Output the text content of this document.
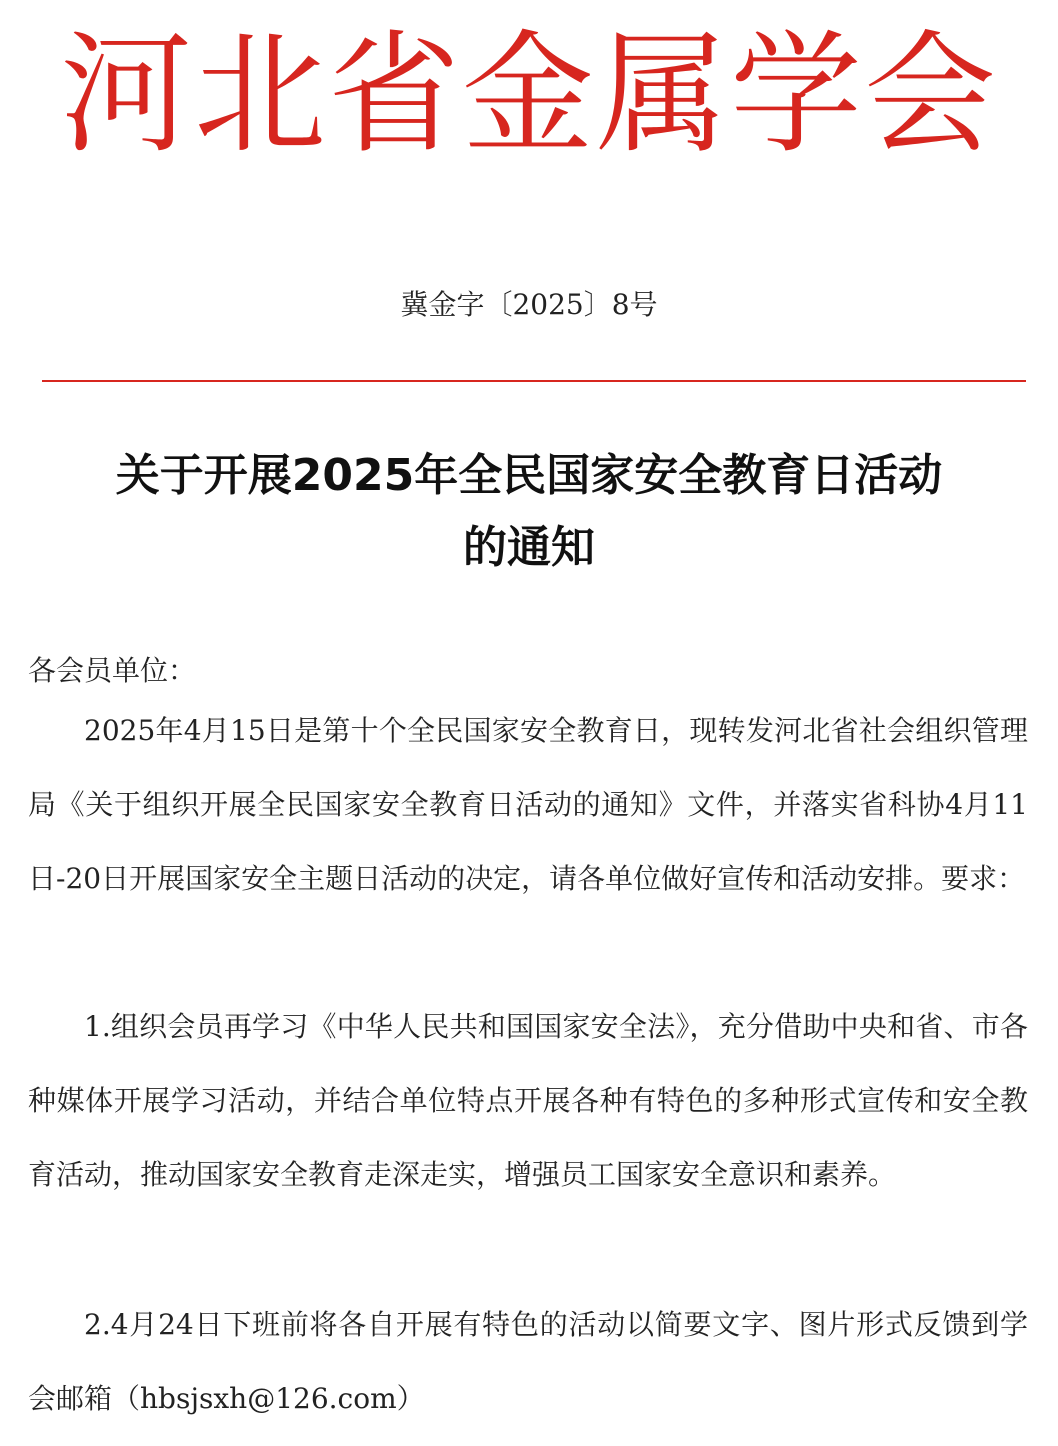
河北省金属学会
冀金字〔2025〕8号
关于开展2025年全民国家安全教育日活动
的通知
各会员单位：

2025年4月15日是第十个全民国家安全教育日，现转发河北省社会组织管理局《关于组织开展全民国家安全教育日活动的通知》文件，并落实省科协4月11日-20日开展国家安全主题日活动的决定，请各单位做好宣传和活动安排。要求：

1.组织会员再学习《中华人民共和国国家安全法》，充分借助中央和省、市各种媒体开展学习活动，并结合单位特点开展各种有特色的多种形式宣传和安全教育活动，推动国家安全教育走深走实，增强员工国家安全意识和素养。

2.4月24日下班前将各自开展有特色的活动以简要文字、图片形式反馈到学会邮箱（hbsjsxh@126.com）
